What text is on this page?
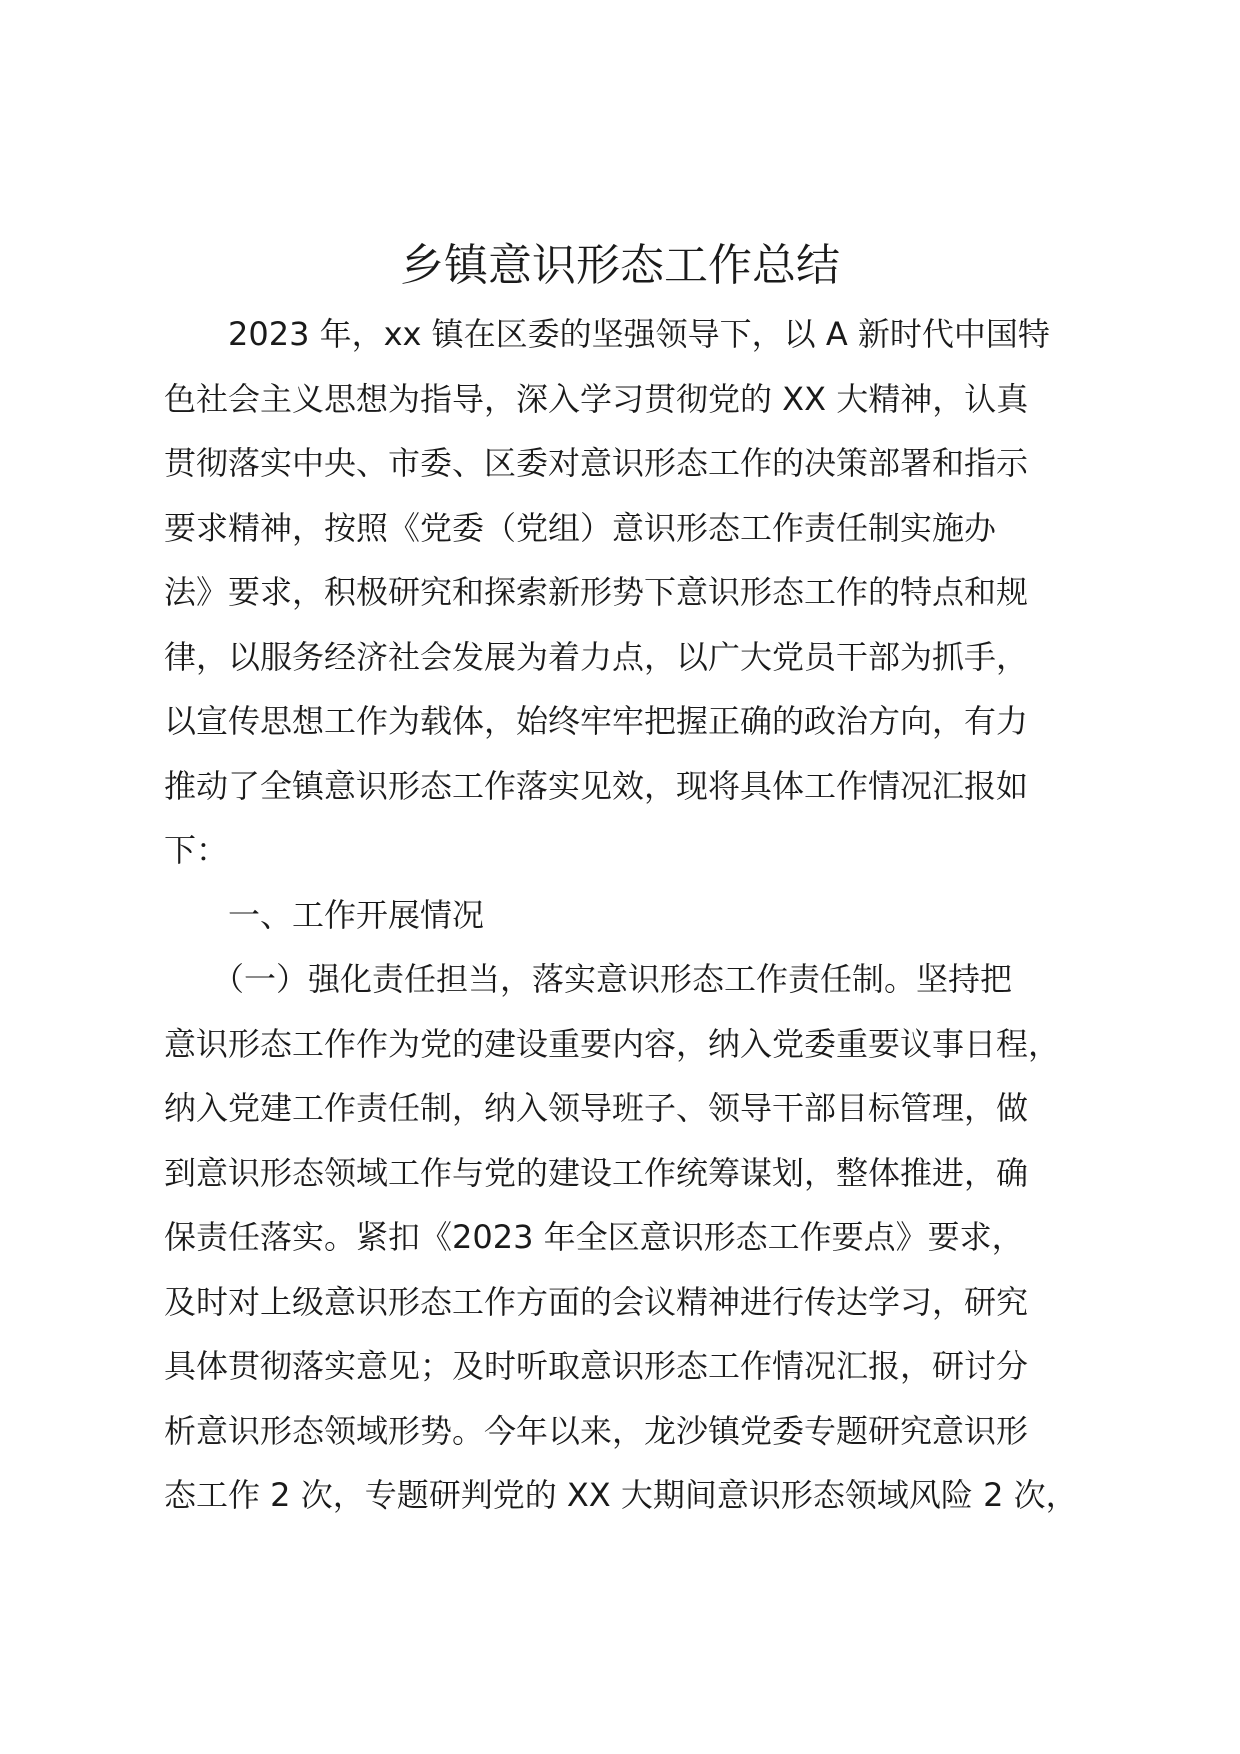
乡镇意识形态工作总结
　　2023 年，xx 镇在区委的坚强领导下，以 A 新时代中国特
色社会主义思想为指导，深入学习贯彻党的 XX 大精神，认真
贯彻落实中央、市委、区委对意识形态工作的决策部署和指示
要求精神，按照《党委（党组）意识形态工作责任制实施办
法》要求，积极研究和探索新形势下意识形态工作的特点和规
律，以服务经济社会发展为着力点，以广大党员干部为抓手，
以宣传思想工作为载体，始终牢牢把握正确的政治方向，有力
推动了全镇意识形态工作落实见效，现将具体工作情况汇报如
下：
　　一、工作开展情况
　　（一）强化责任担当，落实意识形态工作责任制。坚持把
意识形态工作作为党的建设重要内容，纳入党委重要议事日程，
纳入党建工作责任制，纳入领导班子、领导干部目标管理，做
到意识形态领域工作与党的建设工作统筹谋划，整体推进，确
保责任落实。紧扣《2023 年全区意识形态工作要点》要求，
及时对上级意识形态工作方面的会议精神进行传达学习，研究
具体贯彻落实意见；及时听取意识形态工作情况汇报，研讨分
析意识形态领域形势。今年以来，龙沙镇党委专题研究意识形
态工作 2 次，专题研判党的 XX 大期间意识形态领域风险 2 次，
